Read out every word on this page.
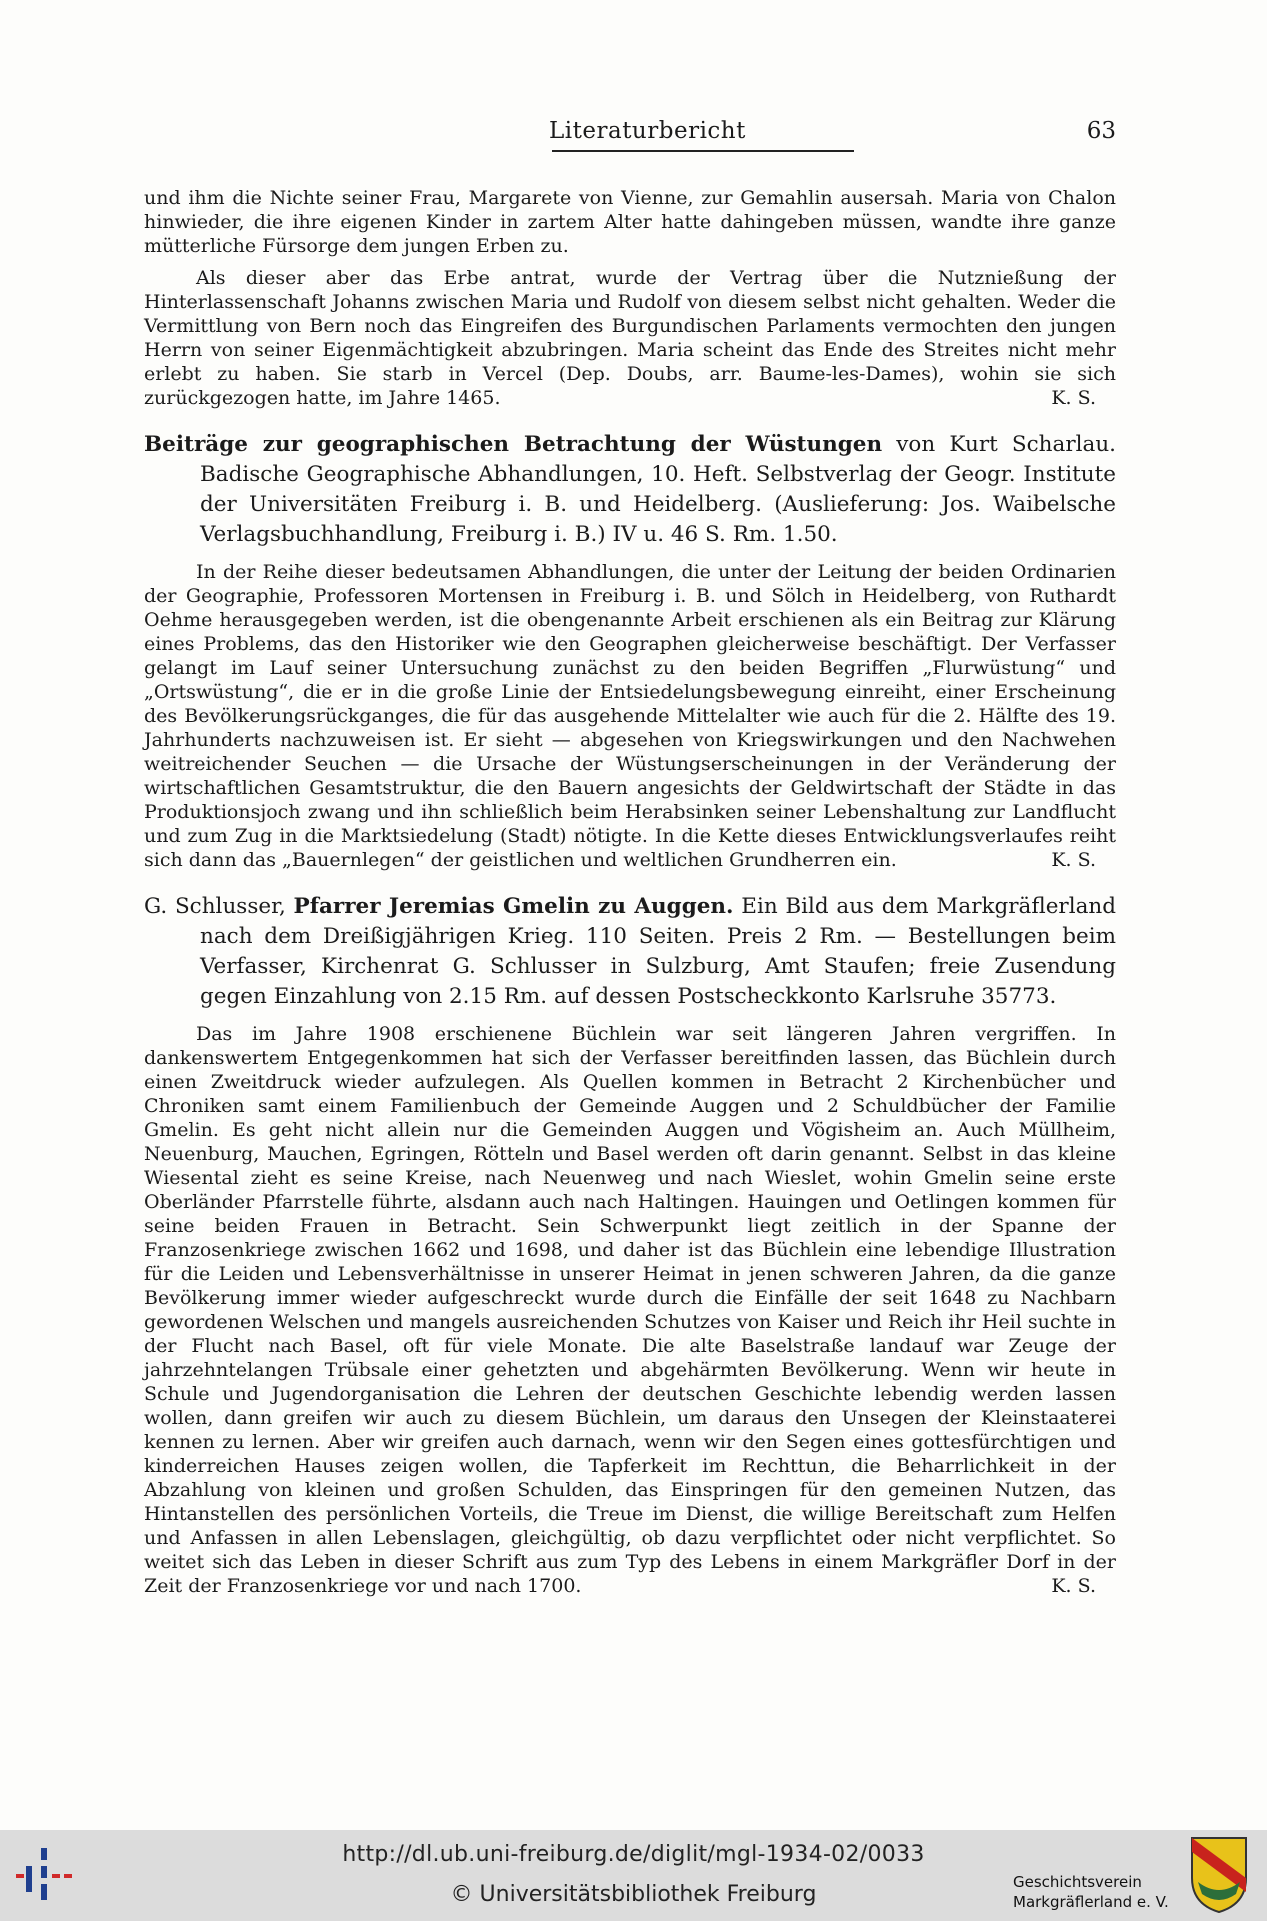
Literaturbericht	63

und ihm die Nichte seiner Frau, Margarete von Vienne, zur Gemahlin ausersah. Maria von Chalon hinwieder, die ihre eigenen Kinder in zartem Alter hatte dahingeben müssen, wandte ihre ganze mütterliche Fürsorge dem jungen Erben zu.

Als dieser aber das Erbe antrat, wurde der Vertrag über die Nutznießung der Hinterlassenschaft Johanns zwischen Maria und Rudolf von diesem selbst nicht gehalten. Weder die Vermittlung von Bern noch das Eingreifen des Burgundischen Parlaments vermochten den jungen Herrn von seiner Eigenmächtigkeit abzubringen. Maria scheint das Ende des Streites nicht mehr erlebt zu haben. Sie starb in Vercel (Dep. Doubs, arr. Baume-les-Dames), wohin sie sich zurückgezogen hatte, im Jahre 1465.	K. S.

Beiträge zur geographischen Betrachtung der Wüstungen von Kurt Scharlau. Badische Geographische Abhandlungen, 10. Heft. Selbstverlag der Geogr. Institute der Universitäten Freiburg i. B. und Heidelberg. (Auslieferung: Jos. Waibelsche Verlagsbuchhandlung, Freiburg i. B.) IV u. 46 S. Rm. 1.50.

In der Reihe dieser bedeutsamen Abhandlungen, die unter der Leitung der beiden Ordinarien der Geographie, Professoren Mortensen in Freiburg i. B. und Sölch in Heidelberg, von Ruthardt Oehme herausgegeben werden, ist die obengenannte Arbeit erschienen als ein Beitrag zur Klärung eines Problems, das den Historiker wie den Geographen gleicherweise beschäftigt. Der Verfasser gelangt im Lauf seiner Untersuchung zunächst zu den beiden Begriffen „Flurwüstung“ und „Ortswüstung“, die er in die große Linie der Entsiedelungsbewegung einreiht, einer Erscheinung des Bevölkerungsrückganges, die für das ausgehende Mittelalter wie auch für die 2. Hälfte des 19. Jahrhunderts nachzuweisen ist. Er sieht — abgesehen von Kriegswirkungen und den Nachwehen weitreichender Seuchen — die Ursache der Wüstungserscheinungen in der Veränderung der wirtschaftlichen Gesamtstruktur, die den Bauern angesichts der Geldwirtschaft der Städte in das Produktionsjoch zwang und ihn schließlich beim Herabsinken seiner Lebenshaltung zur Landflucht und zum Zug in die Marktsiedelung (Stadt) nötigte. In die Kette dieses Entwicklungsverlaufes reiht sich dann das „Bauernlegen“ der geistlichen und weltlichen Grundherren ein.	K. S.

G. Schlusser, Pfarrer Jeremias Gmelin zu Auggen. Ein Bild aus dem Markgräflerland nach dem Dreißigjährigen Krieg. 110 Seiten. Preis 2 Rm. — Bestellungen beim Verfasser, Kirchenrat G. Schlusser in Sulzburg, Amt Staufen; freie Zusendung gegen Einzahlung von 2.15 Rm. auf dessen Postscheckkonto Karlsruhe 35773.

Das im Jahre 1908 erschienene Büchlein war seit längeren Jahren vergriffen. In dankenswertem Entgegenkommen hat sich der Verfasser bereitfinden lassen, das Büchlein durch einen Zweitdruck wieder aufzulegen. Als Quellen kommen in Betracht 2 Kirchenbücher und Chroniken samt einem Familienbuch der Gemeinde Auggen und 2 Schuldbücher der Familie Gmelin. Es geht nicht allein nur die Gemeinden Auggen und Vögisheim an. Auch Müllheim, Neuenburg, Mauchen, Egringen, Rötteln und Basel werden oft darin genannt. Selbst in das kleine Wiesental zieht es seine Kreise, nach Neuenweg und nach Wieslet, wohin Gmelin seine erste Oberländer Pfarrstelle führte, alsdann auch nach Haltingen. Hauingen und Oetlingen kommen für seine beiden Frauen in Betracht. Sein Schwerpunkt liegt zeitlich in der Spanne der Franzosenkriege zwischen 1662 und 1698, und daher ist das Büchlein eine lebendige Illustration für die Leiden und Lebensverhältnisse in unserer Heimat in jenen schweren Jahren, da die ganze Bevölkerung immer wieder aufgeschreckt wurde durch die Einfälle der seit 1648 zu Nachbarn gewordenen Welschen und mangels ausreichenden Schutzes von Kaiser und Reich ihr Heil suchte in der Flucht nach Basel, oft für viele Monate. Die alte Baselstraße landauf war Zeuge der jahrzehntelangen Trübsale einer gehetzten und abgehärmten Bevölkerung. Wenn wir heute in Schule und Jugendorganisation die Lehren der deutschen Geschichte lebendig werden lassen wollen, dann greifen wir auch zu diesem Büchlein, um daraus den Unsegen der Kleinstaaterei kennen zu lernen. Aber wir greifen auch darnach, wenn wir den Segen eines gottesfürchtigen und kinderreichen Hauses zeigen wollen, die Tapferkeit im Rechttun, die Beharrlichkeit in der Abzahlung von kleinen und großen Schulden, das Einspringen für den gemeinen Nutzen, das Hintanstellen des persönlichen Vorteils, die Treue im Dienst, die willige Bereitschaft zum Helfen und Anfassen in allen Lebenslagen, gleichgültig, ob dazu verpflichtet oder nicht verpflichtet. So weitet sich das Leben in dieser Schrift aus zum Typ des Lebens in einem Markgräfler Dorf in der Zeit der Franzosenkriege vor und nach 1700.	K. S.

http://dl.ub.uni-freiburg.de/diglit/mgl-1934-02/0033
© Universitätsbibliothek Freiburg	Geschichtsverein
Markgräflerland e. V.
